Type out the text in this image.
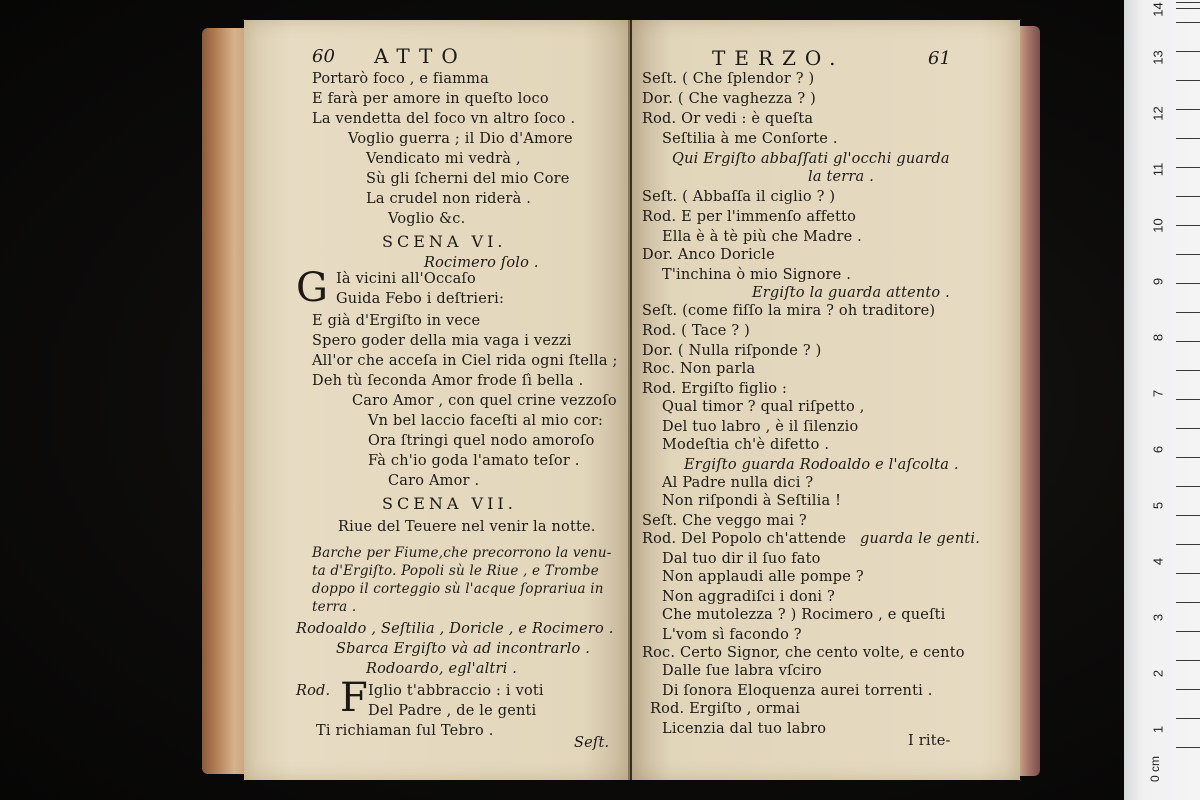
60 ATTO
Portarò foco , e fiamma
E farà per amore in queſto loco
La vendetta del foco vn altro ſoco .
Voglio guerra ; il Dio d'Amore
Vendicato mi vedrà ,
Sù gli ſcherni del mio Core
La crudel non riderà .
Voglio &c.
SCENA VI.
Rocimero ſolo .
G Ià vicini all'Occaſo
Guida Febo i deſtrieri:
E già d'Ergiſto in vece
Spero goder della mia vaga i vezzi
All'or che acceſa in Ciel rida ogni ſtella ;
Deh tù ſeconda Amor frode ſì bella .
Caro Amor , con quel crine vezzoſo
Vn bel laccio faceſti al mio cor:
Ora ſtringi quel nodo amoroſo
Fà ch'io goda l'amato teſor .
Caro Amor .
SCENA VII.
Riue del Teuere nel venir la notte.
Barche per Fiume,che precorrono la venu-
ta d'Ergiſto. Popoli sù le Riue , e Trombe
doppo il corteggio sù l'acque ſoprariua in
terra .
Rodoaldo , Seſtilia , Doricle , e Rocimero .
Sbarca Ergiſto và ad incontrarlo .
Rodoardo, egl'altri .
Rod. F Iglio t'abbraccio : i voti
Del Padre , de le genti
Ti richiaman ſul Tebro .
Seſt.
TERZO.	61
Seſt. ( Che ſplendor ? )
Dor. ( Che vaghezza ? )
Rod. Or vedi : è queſta
Seſtilia à me Conſorte .
Qui Ergiſto abbaſſati gl'occhi guarda
la terra .
Seſt. ( Abbaſſa il ciglio ? )
Rod. E per l'immenſo affetto
Ella è à tè più che Madre .
Dor. Anco Doricle
T'inchina ò mio Signore .
Ergiſto la guarda attento .
Seſt. (come fiſſo la mira ? oh traditore)
Rod. ( Tace ? )
Dor. ( Nulla riſponde ? )
Roc. Non parla
Rod. Ergiſto figlio :
Qual timor ? qual riſpetto ,
Del tuo labro , è il ſilenzio
Modeſtia ch'è difetto .
Ergiſto guarda Rodoaldo e l'aſcolta .
Al Padre nulla dici ?
Non riſpondi à Seſtilia !
Seſt. Che veggo mai ?
Rod. Del Popolo ch'attende guarda le genti.
Dal tuo dir il ſuo fato
Non applaudi alle pompe ?
Non aggradiſci i doni ?
Che mutolezza ? ) Rocimero , e queſti
L'vom sì facondo ?
Roc. Certo Signor, che cento volte, e cento
Dalle ſue labra vſciro
Di ſonora Eloquenza aurei torrenti .
Rod. Ergiſto , ormai
Licenzia dal tuo labro
I rite-
1
2
3
4
5
6
7
8
9
10
11
12
13
14
0 cm
